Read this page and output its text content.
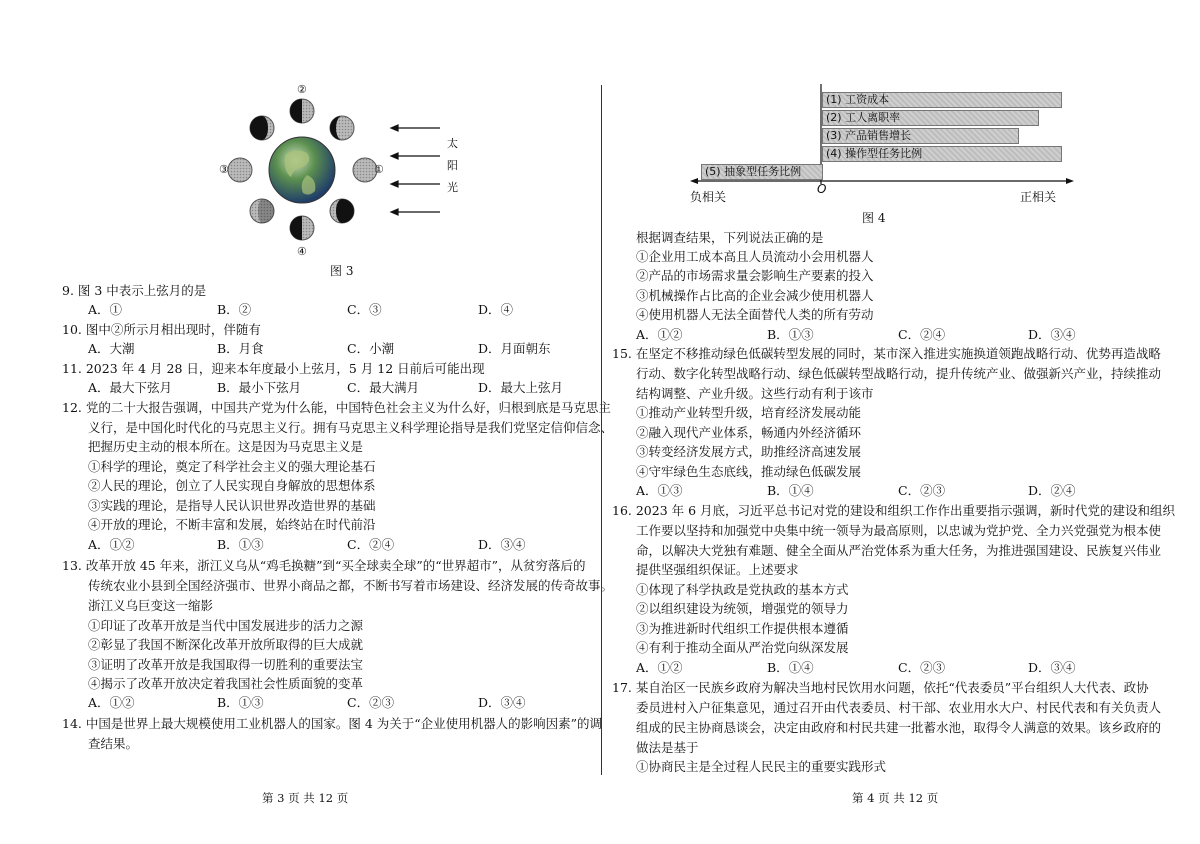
②
③	①
④
太
阳
光
图 3
9. 图 3 中表示上弦月的是
A．①	B．②	C．③	D．④
10. 图中②所示月相出现时，伴随有
A．大潮	B．月食	C．小潮	D．月面朝东
11. 2023 年 4 月 28 日，迎来本年度最小上弦月，5 月 12 日前后可能出现
A．最大下弦月	B．最小下弦月	C．最大满月	D．最大上弦月
12. 党的二十大报告强调，中国共产党为什么能，中国特色社会主义为什么好，归根到底是马克思主
义行，是中国化时代化的马克思主义行。拥有马克思主义科学理论指导是我们党坚定信仰信念、
把握历史主动的根本所在。这是因为马克思主义是
①科学的理论，奠定了科学社会主义的强大理论基石
②人民的理论，创立了人民实现自身解放的思想体系
③实践的理论，是指导人民认识世界改造世界的基础
④开放的理论，不断丰富和发展，始终站在时代前沿
A．①②	B．①③	C．②④	D．③④
13. 改革开放 45 年来，浙江义乌从“鸡毛换糖”到“买全球卖全球”的“世界超市”，从贫穷落后的
传统农业小县到全国经济强市、世界小商品之都，不断书写着市场建设、经济发展的传奇故事。
浙江义乌巨变这一缩影
①印证了改革开放是当代中国发展进步的活力之源
②彰显了我国不断深化改革开放所取得的巨大成就
③证明了改革开放是我国取得一切胜利的重要法宝
④揭示了改革开放决定着我国社会性质面貌的变革
A．①②	B．①③	C．②③	D．③④
14. 中国是世界上最大规模使用工业机器人的国家。图 4 为关于“企业使用机器人的影响因素”的调
查结果。
第 3 页 共 12 页
(1) 工资成本
(2) 工人离职率
(3) 产品销售增长
(4) 操作型任务比例
(5) 抽象型任务比例
O
负相关	正相关
图 4
根据调查结果，下列说法正确的是
①企业用工成本高且人员流动小会用机器人
②产品的市场需求量会影响生产要素的投入
③机械操作占比高的企业会减少使用机器人
④使用机器人无法全面替代人类的所有劳动
A．①②	B．①③	C．②④	D．③④
15. 在坚定不移推动绿色低碳转型发展的同时，某市深入推进实施换道领跑战略行动、优势再造战略
行动、数字化转型战略行动、绿色低碳转型战略行动，提升传统产业、做强新兴产业，持续推动
结构调整、产业升级。这些行动有利于该市
①推动产业转型升级，培育经济发展动能
②融入现代产业体系，畅通内外经济循环
③转变经济发展方式，助推经济高速发展
④守牢绿色生态底线，推动绿色低碳发展
A．①③	B．①④	C．②③	D．②④
16. 2023 年 6 月底，习近平总书记对党的建设和组织工作作出重要指示强调，新时代党的建设和组织
工作要以坚持和加强党中央集中统一领导为最高原则，以忠诚为党护党、全力兴党强党为根本使
命，以解决大党独有难题、健全全面从严治党体系为重大任务，为推进强国建设、民族复兴伟业
提供坚强组织保证。上述要求
①体现了科学执政是党执政的基本方式
②以组织建设为统领，增强党的领导力
③为推进新时代组织工作提供根本遵循
④有利于推动全面从严治党向纵深发展
A．①②	B．①④	C．②③	D．③④
17. 某自治区一民族乡政府为解决当地村民饮用水问题，依托“代表委员”平台组织人大代表、政协
委员进村入户征集意见，通过召开由代表委员、村干部、农业用水大户、村民代表和有关负责人
组成的民主协商恳谈会，决定由政府和村民共建一批蓄水池，取得令人满意的效果。该乡政府的
做法是基于
①协商民主是全过程人民民主的重要实践形式
第 4 页 共 12 页
